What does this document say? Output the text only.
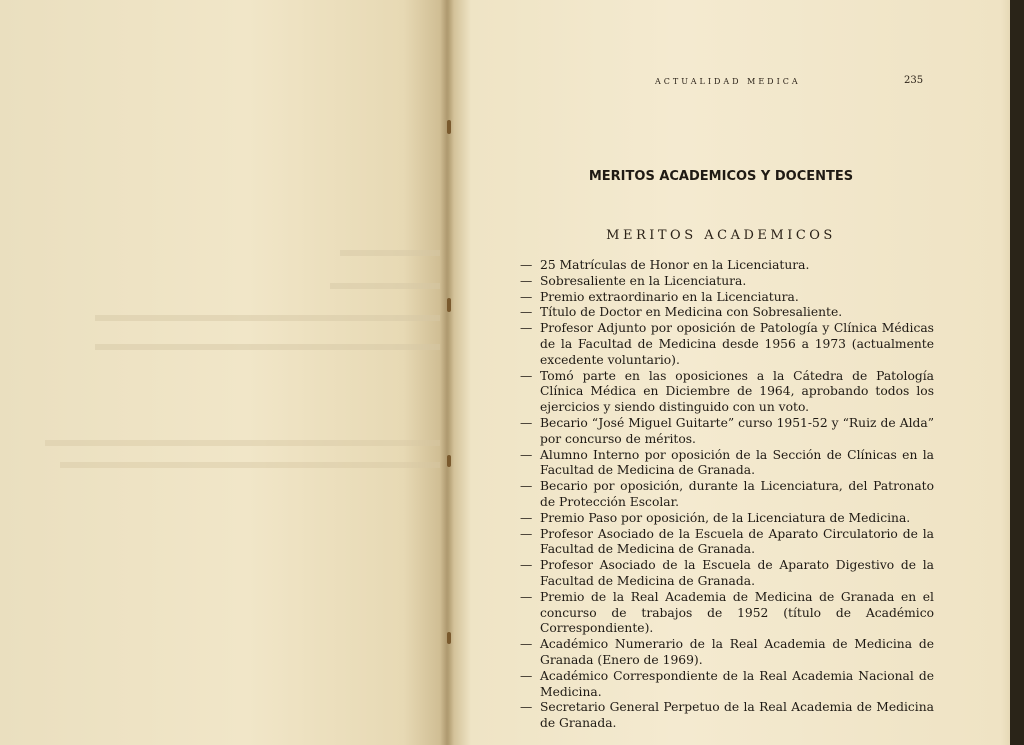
ACTUALIDAD MEDICA	235
MERITOS ACADEMICOS Y DOCENTES
MERITOS ACADEMICOS
— 25 Matrículas de Honor en la Licenciatura.
— Sobresaliente en la Licenciatura.
— Premio extraordinario en la Licenciatura.
— Título de Doctor en Medicina con Sobresaliente.
— Profesor Adjunto por oposición de Patología y Clínica Médicas de la Facultad de Medicina desde 1956 a 1973 (actualmente excedente voluntario).
— Tomó parte en las oposiciones a la Cátedra de Patología Clínica Médica en Diciembre de 1964, aprobando todos los ejercicios y siendo distinguido con un voto.
— Becario “José Miguel Guitarte” curso 1951-52 y “Ruiz de Alda” por concurso de méritos.
— Alumno Interno por oposición de la Sección de Clínicas en la Facultad de Medicina de Granada.
— Becario por oposición, durante la Licenciatura, del Patronato de Protección Escolar.
— Premio Paso por oposición, de la Licenciatura de Medicina.
— Profesor Asociado de la Escuela de Aparato Circulatorio de la Facultad de Medicina de Granada.
— Profesor Asociado de la Escuela de Aparato Digestivo de la Facultad de Medicina de Granada.
— Premio de la Real Academia de Medicina de Granada en el concurso de trabajos de 1952 (título de Académico Correspondiente).
— Académico Numerario de la Real Academia de Medicina de Granada (Enero de 1969).
— Académico Correspondiente de la Real Academia Nacional de Medicina.
— Secretario General Perpetuo de la Real Academia de Medicina de Granada.
